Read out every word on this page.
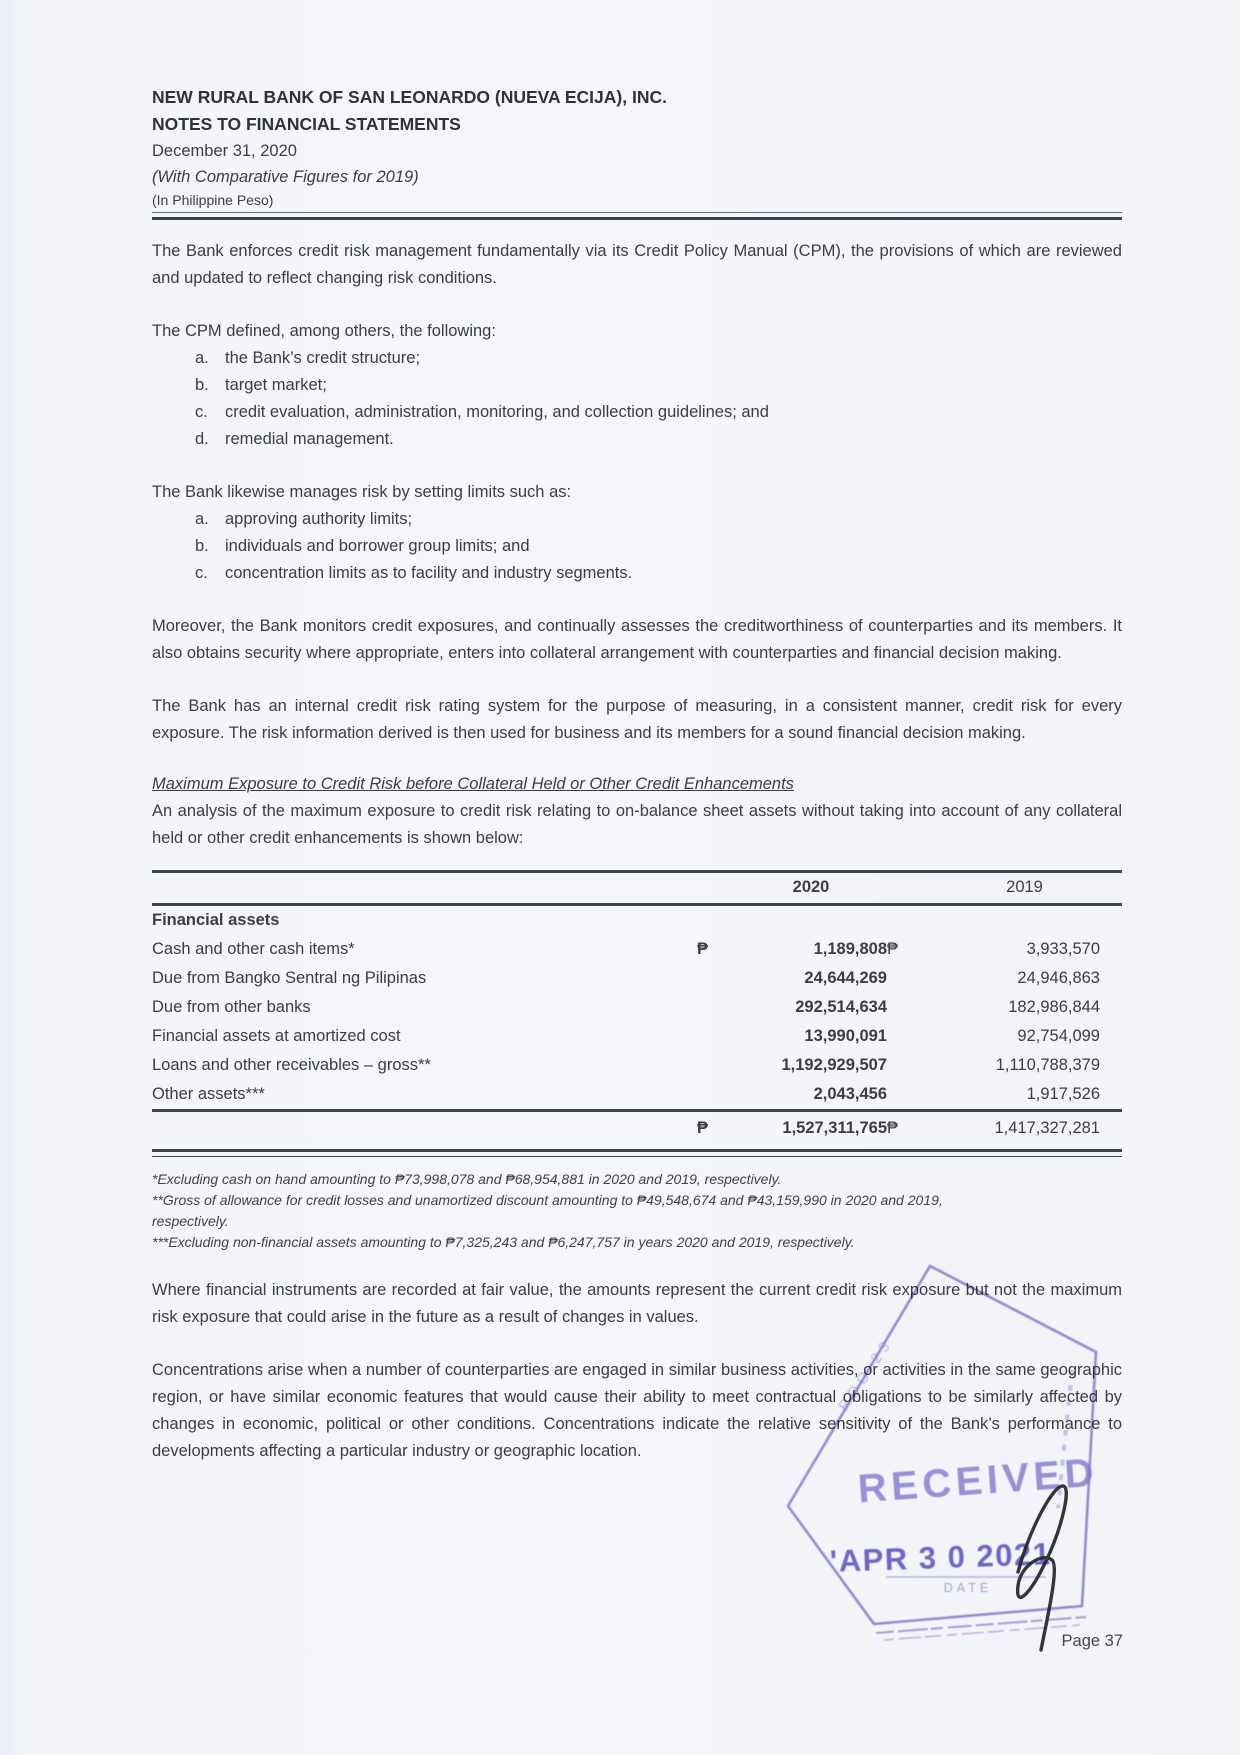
NEW RURAL BANK OF SAN LEONARDO (NUEVA ECIJA), INC.
NOTES TO FINANCIAL STATEMENTS
December 31, 2020
(With Comparative Figures for 2019)
(In Philippine Peso)

The Bank enforces credit risk management fundamentally via its Credit Policy Manual (CPM), the provisions of which are reviewed and updated to reflect changing risk conditions.

The CPM defined, among others, the following:

a. the Bank’s credit structure;
b. target market;
c.	credit evaluation, administration, monitoring, and collection guidelines; and
d. remedial management.

The Bank likewise manages risk by setting limits such as:

a. approving authority limits;
b. individuals and borrower group limits; and
c.	concentration limits as to facility and industry segments.

Moreover, the Bank monitors credit exposures, and continually assesses the creditworthiness of counterparties and its members. It also obtains security where appropriate, enters into collateral arrangement with counterparties and financial decision making.

The Bank has an internal credit risk rating system for the purpose of measuring, in a consistent manner, credit risk for every exposure. The risk information derived is then used for business and its members for a sound financial decision making.

Maximum Exposure to Credit Risk before Collateral Held or Other Credit Enhancements

An analysis of the maximum exposure to credit risk relating to on-balance sheet assets without taking into account of any collateral held or other credit enhancements is shown below:

2020	2019
Financial assets
Cash and other cash items*	₱	1,189,808 ₱	3,933,570
Due from Bangko Sentral ng Pilipinas	24,644,269	24,946,863
Due from other banks	292,514,634	182,986,844
Financial assets at amortized cost	13,990,091	92,754,099
Loans and other receivables – gross**	1,192,929,507	1,110,788,379
Other assets***	2,043,456	1,917,526
₱	1,527,311,765 ₱	1,417,327,281

*Excluding cash on hand amounting to ₱73,998,078 and ₱68,954,881 in 2020 and 2019, respectively.

**Gross of allowance for credit losses and unamortized discount amounting to ₱49,548,674 and ₱43,159,990 in 2020 and 2019,

respectively.

***Excluding non-financial assets amounting to ₱7,325,243 and ₱6,247,757 in years 2020 and 2019, respectively.

Where financial instruments are recorded at fair value, the amounts represent the current credit risk exposure but not the maximum risk exposure that could arise in the future as a result of changes in values.

Concentrations arise when a number of counterparties are engaged in similar business activities, or activities in the same geographic region, or have similar economic features that would cause their ability to meet contractual obligations to be similarly affected by changes in economic, political or other conditions. Concentrations indicate the relative sensitivity of the Bank’s performance to developments affecting a particular industry or geographic location.

RDO 23
RECEIVED
'APR 3 0 2021
DATE
Page 37
